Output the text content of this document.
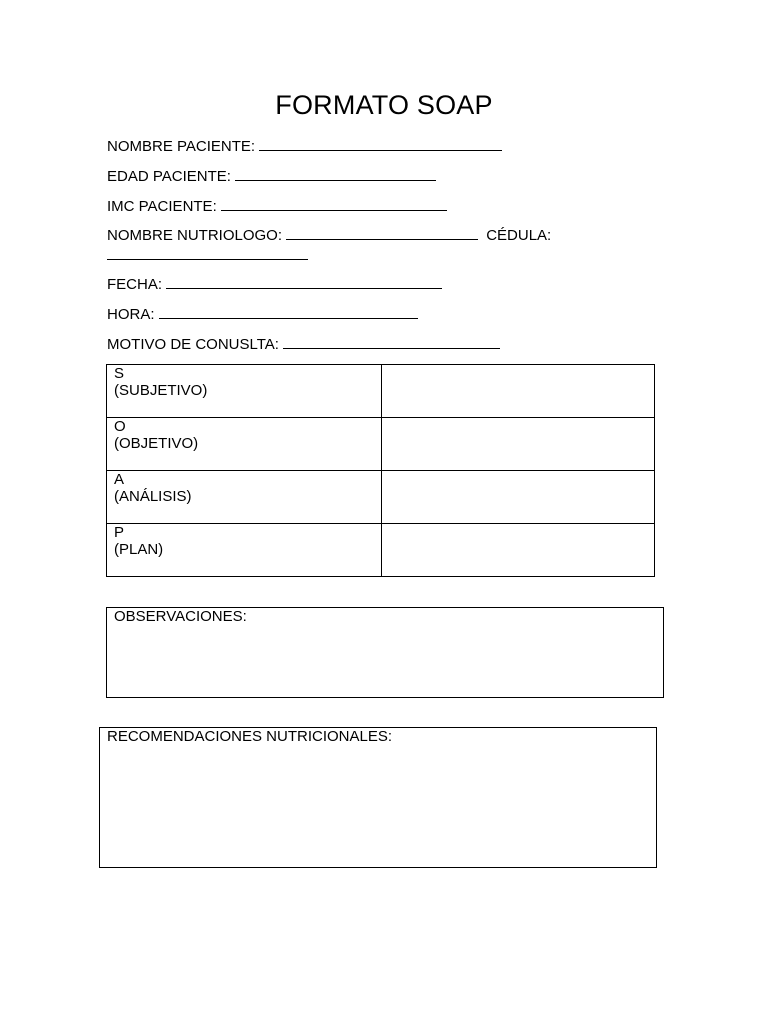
FORMATO SOAP
NOMBRE PACIENTE:
EDAD PACIENTE:
IMC PACIENTE:
NOMBRE NUTRIOLOGO:	CÉDULA:
FECHA:
HORA:
MOTIVO DE CONUSLTA:
S
(SUBJETIVO)	

O
(OBJETIVO)	

A
(ANÁLISIS)	

P
(PLAN)	

OBSERVACIONES:
RECOMENDACIONES NUTRICIONALES:
